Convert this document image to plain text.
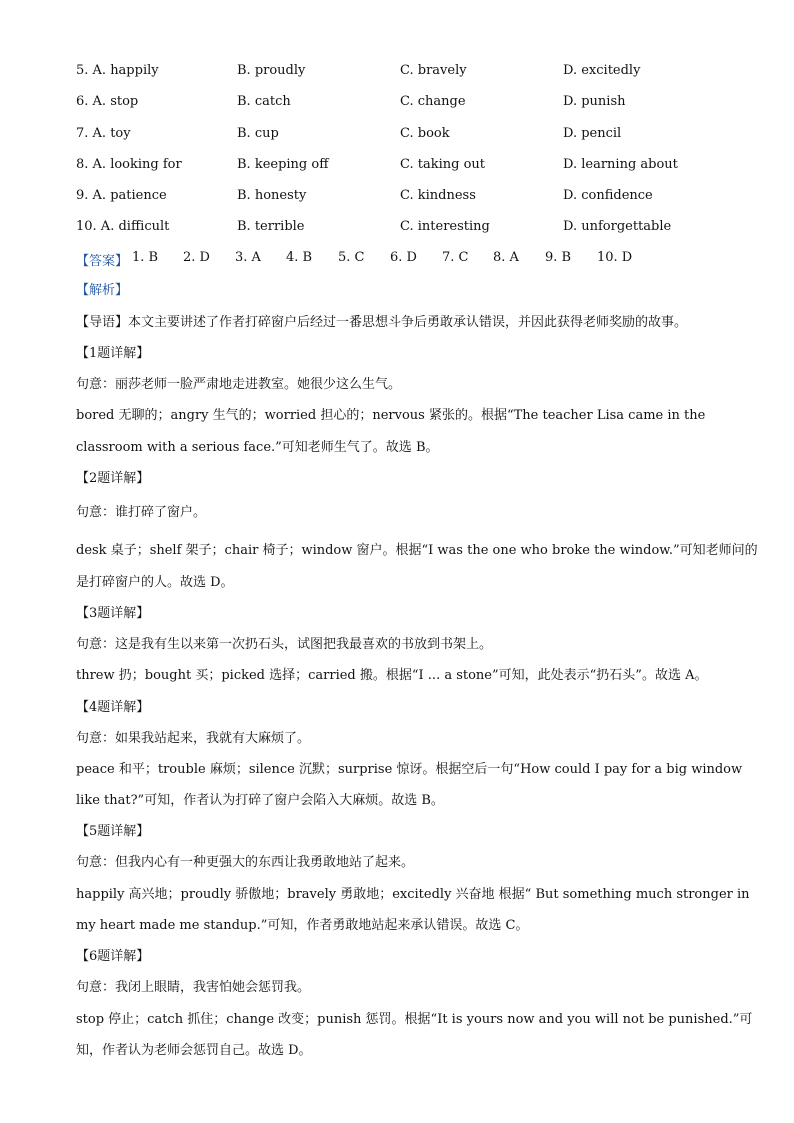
5. A. happily	B. proudly	C. bravely	D. excitedly
6. A. stop	B. catch	C. change	D. punish
7. A. toy	B. cup	C. book	D. pencil
8. A. looking for	B. keeping off	C. taking out	D. learning about
9. A. patience	B. honesty	C. kindness	D. confidence
10. A. difficult	B. terrible	C. interesting	D. unforgettable
【答案】 1. B 2. D 3. A 4. B 5. C 6. D 7. C 8. A 9. B 10. D
【解析】
【导语】本文主要讲述了作者打碎窗户后经过一番思想斗争后勇敢承认错误，并因此获得老师奖励的故事。
【1题详解】
句意：丽莎老师一脸严肃地走进教室。她很少这么生气。
bored 无聊的；angry 生气的；worried 担心的；nervous 紧张的。根据“The teacher Lisa came in the
classroom with a serious face.”可知老师生气了。故选 B。
【2题详解】
句意：谁打碎了窗户。
desk 桌子；shelf 架子；chair 椅子；window 窗户。根据“I was the one who broke the window.”可知老师问的
是打碎窗户的人。故选 D。
【3题详解】
句意：这是我有生以来第一次扔石头，试图把我最喜欢的书放到书架上。
threw 扔；bought 买；picked 选择；carried 搬。根据“I ... a stone”可知，此处表示“扔石头”。故选 A。
【4题详解】
句意：如果我站起来，我就有大麻烦了。
peace 和平；trouble 麻烦；silence 沉默；surprise 惊讶。根据空后一句“How could I pay for a big window
like that?”可知，作者认为打碎了窗户会陷入大麻烦。故选 B。
【5题详解】
句意：但我内心有一种更强大的东西让我勇敢地站了起来。
happily 高兴地；proudly 骄傲地；bravely 勇敢地；excitedly 兴奋地 根据“ But something much stronger in
my heart made me standup.”可知，作者勇敢地站起来承认错误。故选 C。
【6题详解】
句意：我闭上眼睛，我害怕她会惩罚我。
stop 停止；catch 抓住；change 改变；punish 惩罚。根据“It is yours now and you will not be punished.”可
知，作者认为老师会惩罚自己。故选 D。
